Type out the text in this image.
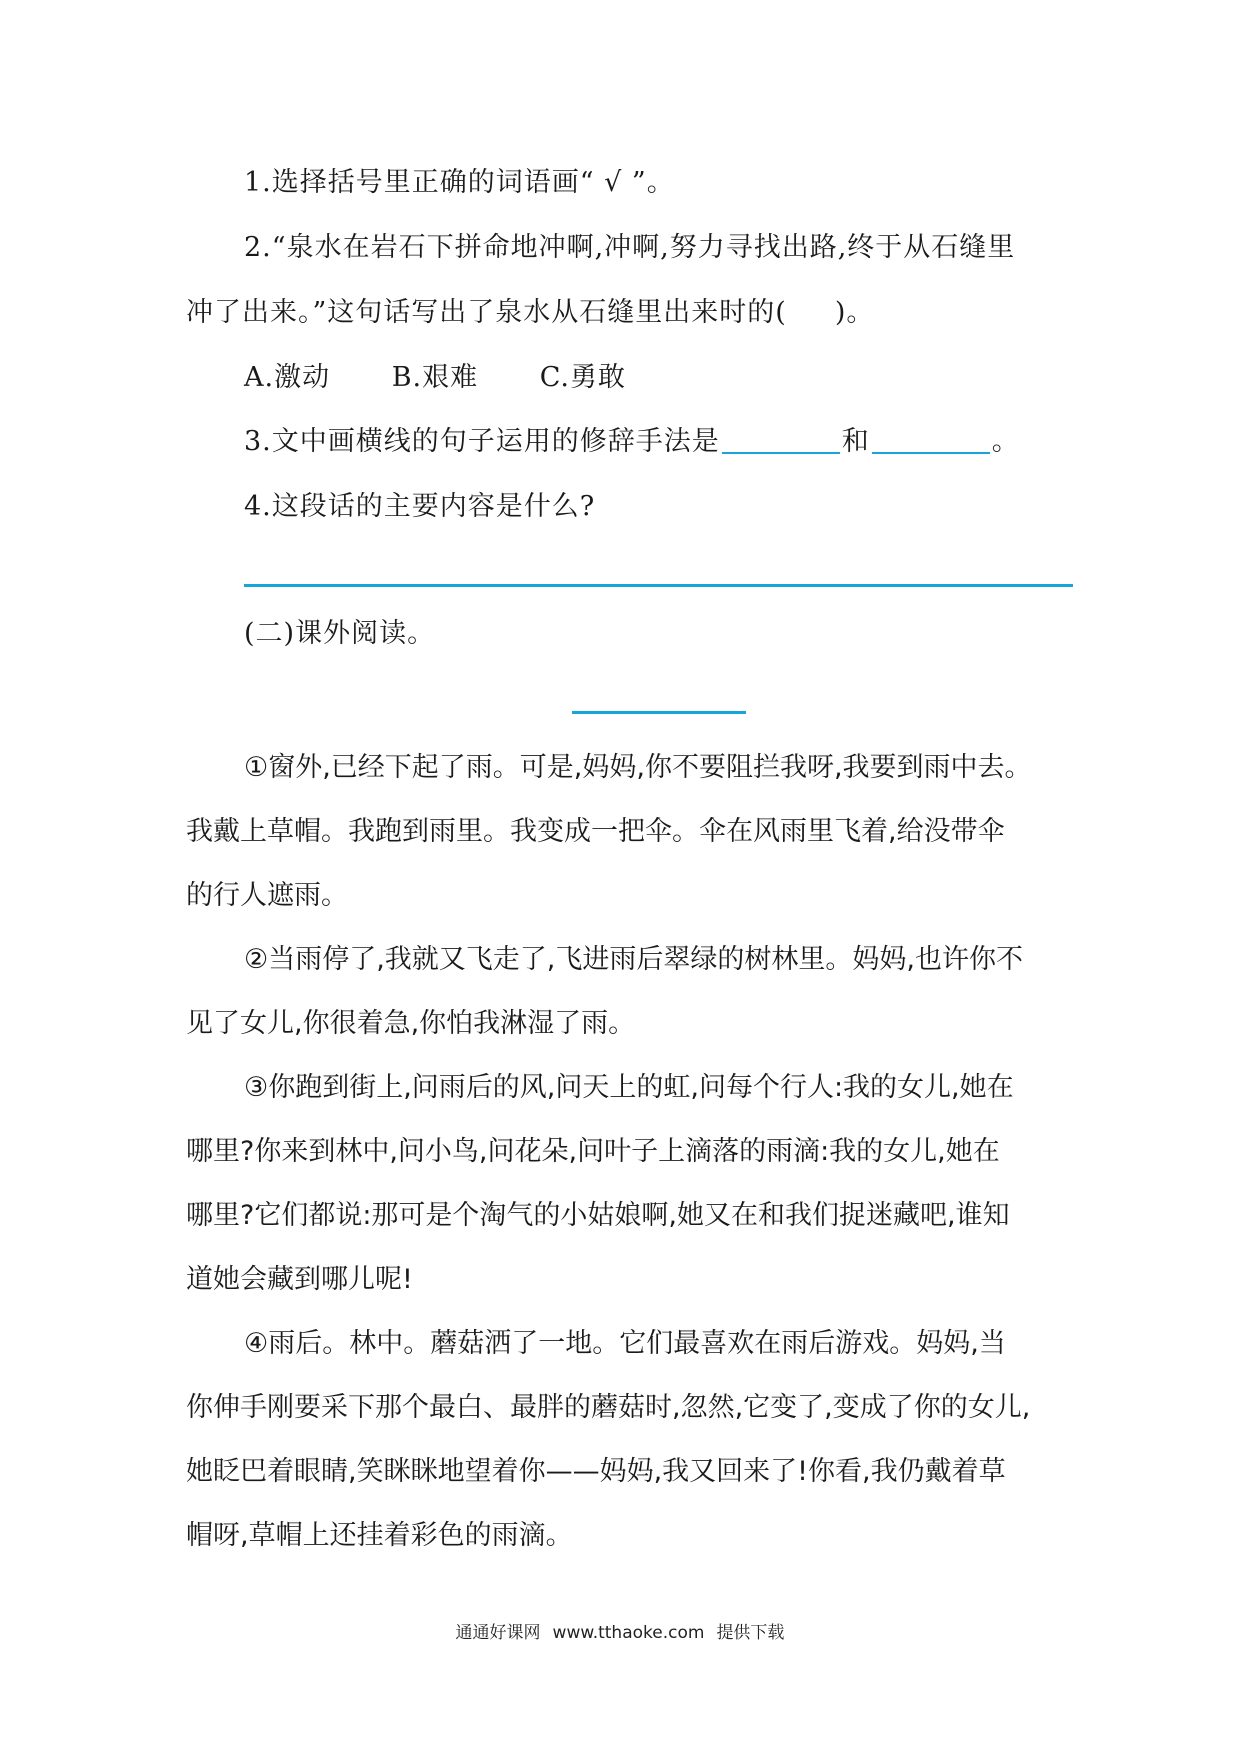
1.选择括号里正确的词语画“ √ ”。
2.“泉水在岩石下拼命地冲啊,冲啊,努力寻找出路,终于从石缝里
冲了出来。”这句话写出了泉水从石缝里出来时的( )。
A.激动 B.艰难 C.勇敢
3.文中画横线的句子运用的修辞手法是	和	。
4.这段话的主要内容是什么?
(二)课外阅读。
①窗外,已经下起了雨。可是,妈妈,你不要阻拦我呀,我要到雨中去。
我戴上草帽。我跑到雨里。我变成一把伞。伞在风雨里飞着,给没带伞
的行人遮雨。
②当雨停了,我就又飞走了,飞进雨后翠绿的树林里。妈妈,也许你不
见了女儿,你很着急,你怕我淋湿了雨。
③你跑到街上,问雨后的风,问天上的虹,问每个行人:我的女儿,她在
哪里?你来到林中,问小鸟,问花朵,问叶子上滴落的雨滴:我的女儿,她在
哪里?它们都说:那可是个淘气的小姑娘啊,她又在和我们捉迷藏吧,谁知
道她会藏到哪儿呢!
④雨后。林中。蘑菇洒了一地。它们最喜欢在雨后游戏。妈妈,当
你伸手刚要采下那个最白、最胖的蘑菇时,忽然,它变了,变成了你的女儿,
她眨巴着眼睛,笑眯眯地望着你——妈妈,我又回来了!你看,我仍戴着草
帽呀,草帽上还挂着彩色的雨滴。
通通好课网 www.tthaoke.com 提供下载
